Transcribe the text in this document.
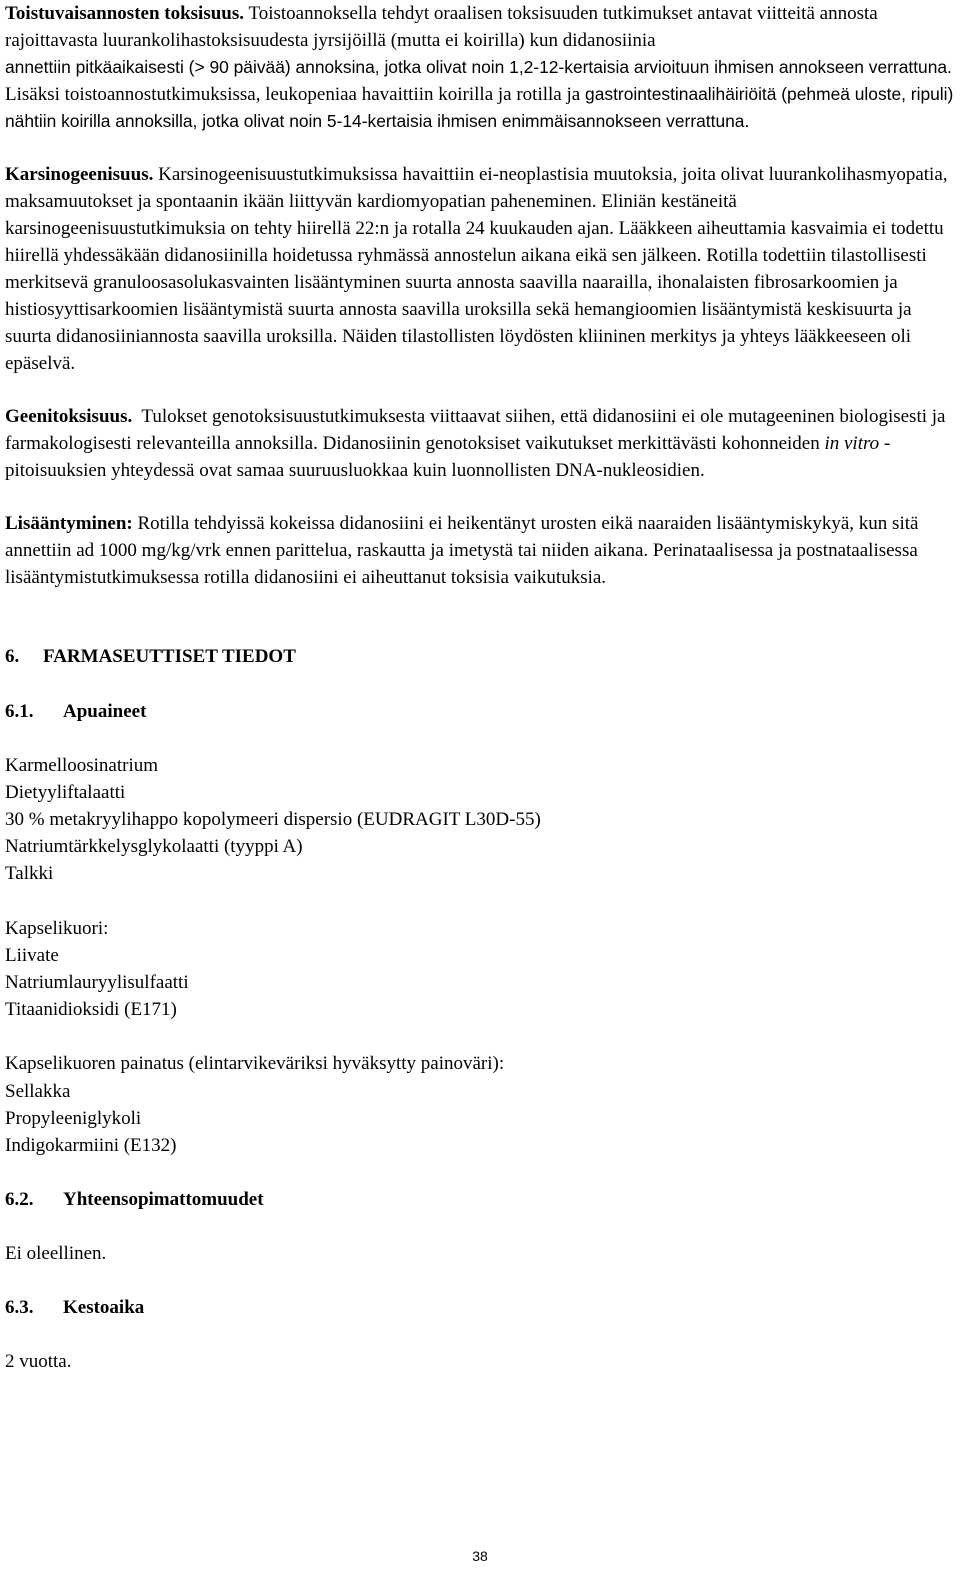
Toistuvaisannosten toksisuus. Toistoannoksella tehdyt oraalisen toksisuuden tutkimukset antavat viitteitä annosta rajoittavasta luurankolihastoksisuudesta jyrsijöillä (mutta ei koirilla) kun didanosiinia

annettiin pitkäaikaisesti (> 90 päivää) annoksina, jotka olivat noin 1,2-12-kertaisia arvioituun ihmisen annokseen verrattuna. Lisäksi toistoannostutkimuksissa, leukopeniaa havaittiin koirilla ja rotilla ja gastrointestinaalihäiriöitä (pehmeä uloste, ripuli) nähtiin koirilla annoksilla, jotka olivat noin 5-14-kertaisia ihmisen enimmäisannokseen verrattuna.

Karsinogeenisuus. Karsinogeenisuustutkimuksissa havaittiin ei-neoplastisia muutoksia, joita olivat luurankolihasmyopatia, maksamuutokset ja spontaanin ikään liittyvän kardiomyopatian paheneminen. Eliniän kestäneitä karsinogeenisuustutkimuksia on tehty hiirellä 22:n ja rotalla 24 kuukauden ajan. Lääkkeen aiheuttamia kasvaimia ei todettu hiirellä yhdessäkään didanosiinilla hoidetussa ryhmässä annostelun aikana eikä sen jälkeen. Rotilla todettiin tilastollisesti merkitsevä granuloosasolukasvainten lisääntyminen suurta annosta saavilla naarailla, ihonalaisten fibrosarkoomien ja histiosyyttisarkoomien lisääntymistä suurta annosta saavilla uroksilla sekä hemangioomien lisääntymistä keskisuurta ja suurta didanosiiniannosta saavilla uroksilla. Näiden tilastollisten löydösten kliininen merkitys ja yhteys lääkkeeseen oli epäselvä.

Geenitoksisuus. Tulokset genotoksisuustutkimuksesta viittaavat siihen, että didanosiini ei ole mutageeninen biologisesti ja farmakologisesti relevanteilla annoksilla. Didanosiinin genotoksiset vaikutukset merkittävästi kohonneiden in vitro -pitoisuuksien yhteydessä ovat samaa suuruusluokkaa kuin luonnollisten DNA-nukleosidien.

Lisääntyminen: Rotilla tehdyissä kokeissa didanosiini ei heikentänyt urosten eikä naaraiden lisääntymiskykyä, kun sitä annettiin ad 1000 mg/kg/vrk ennen parittelua, raskautta ja imetystä tai niiden aikana. Perinataalisessa ja postnataalisessa lisääntymistutkimuksessa rotilla didanosiini ei aiheuttanut toksisia vaikutuksia.

6. FARMASEUTTISET TIEDOT

6.1. Apuaineet

Karmelloosinatrium

Dietyyliftalaatti

30 % metakryylihappo kopolymeeri dispersio (EUDRAGIT L30D-55)

Natriumtärkkelysglykolaatti (tyyppi A)

Talkki

Kapselikuori:

Liivate

Natriumlauryylisulfaatti

Titaanidioksidi (E171)

Kapselikuoren painatus (elintarvikeväriksi hyväksytty painoväri):

Sellakka

Propyleeniglykoli

Indigokarmiini (E132)

6.2. Yhteensopimattomuudet

Ei oleellinen.

6.3. Kestoaika

2 vuotta.

38
